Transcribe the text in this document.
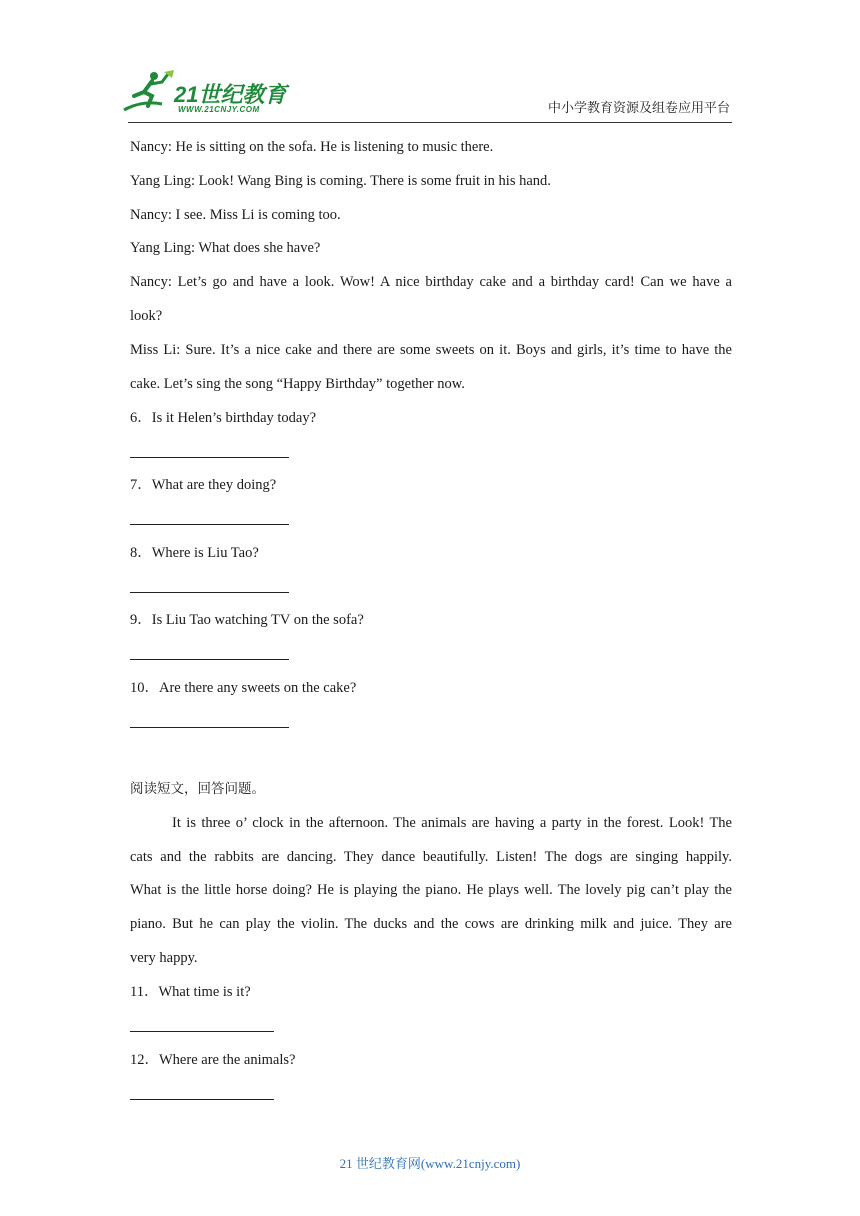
21世纪教育
WWW.21CNJY.COM	中小学教育资源及组卷应用平台
Nancy: He is sitting on the sofa. He is listening to music there.
Yang Ling: Look! Wang Bing is coming. There is some fruit in his hand.
Nancy: I see. Miss Li is coming too.
Yang Ling: What does she have?
Nancy: Let’s go and have a look. Wow! A nice birthday cake and a birthday card! Can we have a
look?
Miss Li: Sure. It’s a nice cake and there are some sweets on it. Boys and girls, it’s time to have the
cake. Let’s sing the song “Happy Birthday” together now.
6．Is it Helen’s birthday today?
7．What are they doing?
8．Where is Liu Tao?
9．Is Liu Tao watching TV on the sofa?
10．Are there any sweets on the cake?
阅读短文，回答问题。
It is three o’ clock in the afternoon. The animals are having a party in the forest. Look! The
cats and the rabbits are dancing. They dance beautifully. Listen! The dogs are singing happily.
What is the little horse doing? He is playing the piano. He plays well. The lovely pig can’t play the
piano. But he can play the violin. The ducks and the cows are drinking milk and juice. They are
very happy.
11．What time is it?
12．Where are the animals?
21 世纪教育网(www.21cnjy.com)
